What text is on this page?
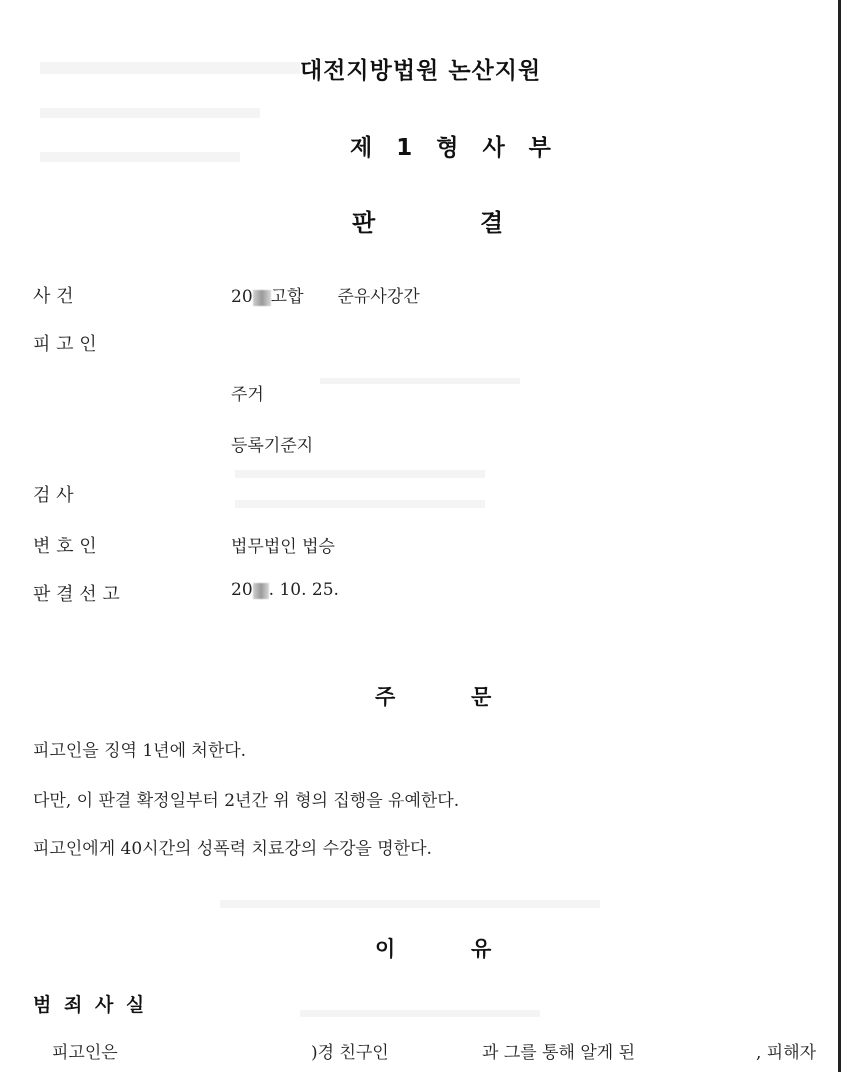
대전지방법원 논산지원
제 1 형 사 부
판	결
사 건	20 고합 준유사강간
피 고 인
주거
등록기준지
검 사
변 호 인	법무법인 법승
판 결 선 고	20 . 10. 25.
주	문
피고인을 징역 1년에 처한다.
다만, 이 판결 확정일부터 2년간 위 형의 집행을 유예한다.
피고인에게 40시간의 성폭력 치료강의 수강을 명한다.
이	유
범 죄 사 실
피고인은	)경 친구인	과 그를 통해 알게 된	, 피해자
